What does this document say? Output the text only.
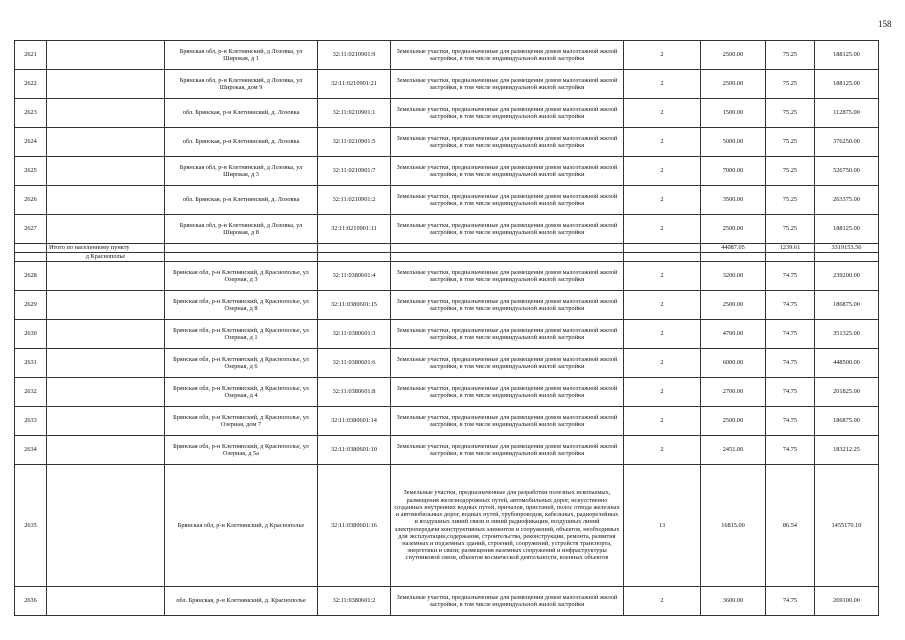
158
2621		Брянская обл, р-н Клетнянский, д Лозовка, ул Широкая, д 1	32:11:0210901:9	Земельные участки, предназначенные для размещения домов малоэтажной жилой застройки, в том числе индивидуальной жилой застройки	2	2500.00	75.25	188125.00
2622		Брянская обл, р-н Клетнянский, д Лозовка, ул Широкая, дом 9	32:11:0210901:21	Земельные участки, предназначенные для размещения домов малоэтажной жилой застройки, в том числе индивидуальной жилой застройки	2	2500.00	75.25	188125.00
2623		обл. Брянская, р-н Клетнянский, д. Лозовка	32:11:0210901:1	Земельные участки, предназначенные для размещения домов малоэтажной жилой застройки, в том числе индивидуальной жилой застройки	2	1500.00	75.25	112875.00
2624		обл. Брянская, р-н Клетнянский, д. Лозовка	32:11:0210901:5	Земельные участки, предназначенные для размещения домов малоэтажной жилой застройки, в том числе индивидуальной жилой застройки	2	5000.00	75.25	376250.00
2625		Брянская обл, р-н Клетнянский, д Лозовка, ул Широкая, д 3	32:11:0210901:7	Земельные участки, предназначенные для размещения домов малоэтажной жилой застройки, в том числе индивидуальной жилой застройки	2	7000.00	75.25	526750.00
2626		обл. Брянская, р-н Клетнянский, д. Лозовка	32:11:0210901:2	Земельные участки, предназначенные для размещения домов малоэтажной жилой застройки, в том числе индивидуальной жилой застройки	2	3500.00	75.25	263375.00
2627		Брянская обл, р-н Клетнянский, д Лозовка, ул Широкая, д 8	32:11:0210901:11	Земельные участки, предназначенные для размещения домов малоэтажной жилой застройки, в том числе индивидуальной жилой застройки	2	2500.00	75.25	188125.00
	Итого по населенному пункту					44087.05	1239.61	3319153.56
	д Краснополье							
2628		Брянская обл, р-н Клетнянский, д Краснополье, ул Озерная, д 3	32:11:0380601:4	Земельные участки, предназначенные для размещения домов малоэтажной жилой застройки, в том числе индивидуальной жилой застройки	2	3200.00	74.75	239200.00
2629		Брянская обл, р-н Клетнянский, д Краснополье, ул Озерная, д 8	32:11:0380601:15	Земельные участки, предназначенные для размещения домов малоэтажной жилой застройки, в том числе индивидуальной жилой застройки	2	2500.00	74.75	186875.00
2630		Брянская обл, р-н Клетнянский, д Краснополье, ул Озерная, д 1	32:11:0380601:3	Земельные участки, предназначенные для размещения домов малоэтажной жилой застройки, в том числе индивидуальной жилой застройки	2	4700.00	74.75	351325.00
2631		Брянская обл, р-н Клетнянский, д Краснополье, ул Озерная, д 6	32:11:0380601:6	Земельные участки, предназначенные для размещения домов малоэтажной жилой застройки, в том числе индивидуальной жилой застройки	2	6000.00	74.75	448500.00
2632		Брянская обл, р-н Клетнянский, д Краснополье, ул Озерная, д 4	32:11:0380601:8	Земельные участки, предназначенные для размещения домов малоэтажной жилой застройки, в том числе индивидуальной жилой застройки	2	2700.00	74.75	201825.00
2633		Брянская обл, р-н Клетнянский, д Краснополье, ул Озерная, дом 7	32:11:0380601:14	Земельные участки, предназначенные для размещения домов малоэтажной жилой застройки, в том числе индивидуальной жилой застройки	2	2500.00	74.75	186875.00
2634		Брянская обл, р-н Клетнянский, д Краснополье, ул Озерная, д 5а	32:11:0380601:10	Земельные участки, предназначенные для размещения домов малоэтажной жилой застройки, в том числе индивидуальной жилой застройки	2	2451.00	74.75	183212.25
2635		Брянская обл, р-н Клетнянский, д Краснополье	32:11:0380601:16	Земельные участки, предназначенные для разработки полезных ископаемых, размещения железнодорожных путей, автомобильных дорог, искусственно созданных внутренних водных путей, причалов, пристаней, полос отвода железных и автомобильных дорог, водных путей, трубопроводов, кабельных, радиорелейных и воздушных линий связи и линий радиофикации, воздушных линий электропередачи конструктивных элементов и сооружений, объектов, необходимых для эксплуатации,содержания, строительства, реконструкции, ремонта, развития наземных и подземных зданий, строений, сооружений, устройств транспорта, энергетики и связи; размещения наземных сооружений и инфраструктуры спутниковой связи, объектов космической деятельности, военных объектов	13	16815.00	86.54	1455170.10
2636		обл. Брянская, р-н Клетнянский, д. Краснополье	32:11:0380601:2	Земельные участки, предназначенные для размещения домов малоэтажной жилой застройки, в том числе индивидуальной жилой застройки	2	3600.00	74.75	269100.00
